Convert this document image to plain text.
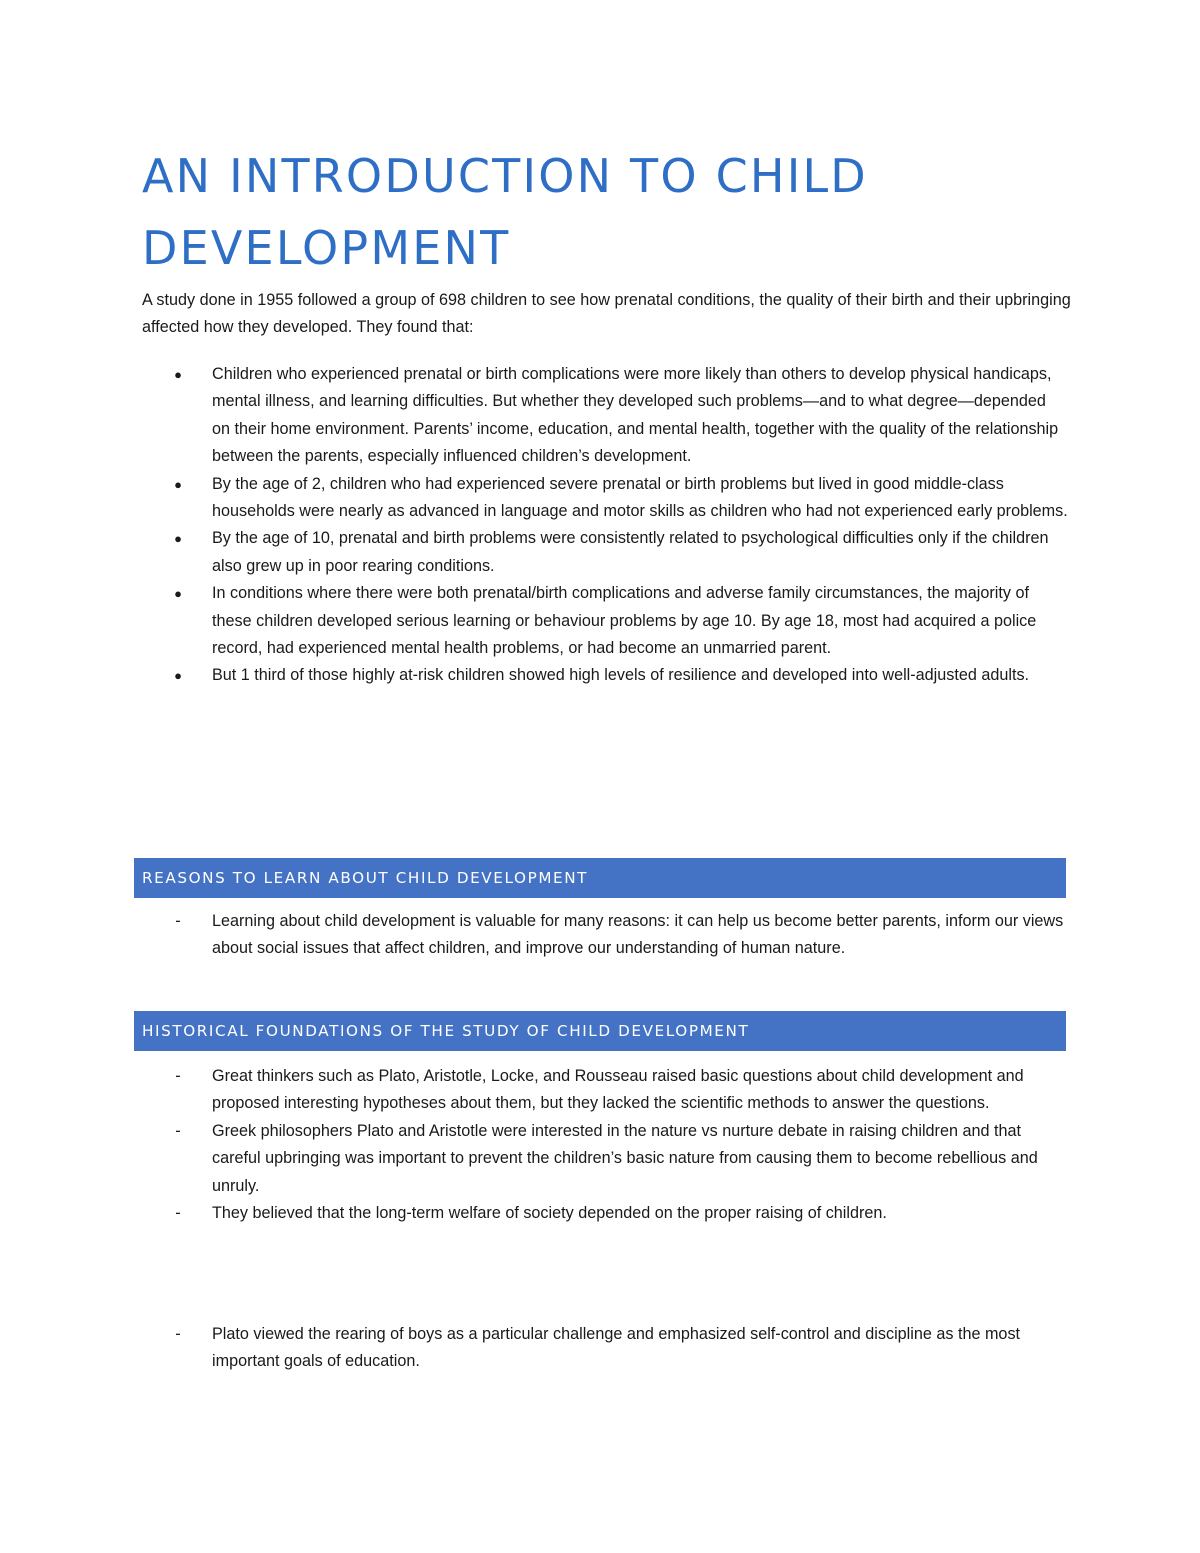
AN INTRODUCTION TO CHILD DEVELOPMENT

A study done in 1955 followed a group of 698 children to see how prenatal conditions, the quality of their birth and their upbringing affected how they developed. They found that:

●	Children who experienced prenatal or birth complications were more likely than others to develop physical handicaps, mental illness, and learning difficulties. But whether they developed such problems—and to what degree—depended on their home environment. Parents’ income, education, and mental health, together with the quality of the relationship between the parents, especially influenced children’s development.
●	By the age of 2, children who had experienced severe prenatal or birth problems but lived in good middle-class households were nearly as advanced in language and motor skills as children who had not experienced early problems.
●	By the age of 10, prenatal and birth problems were consistently related to psychological difficulties only if the children also grew up in poor rearing conditions.
●	In conditions where there were both prenatal/birth complications and adverse family circumstances, the majority of these children developed serious learning or behaviour problems by age 10. By age 18, most had acquired a police record, had experienced mental health problems, or had become an unmarried parent.
●	But 1 third of those highly at-risk children showed high levels of resilience and developed into well-adjusted adults.
REASONS TO LEARN ABOUT CHILD DEVELOPMENT
-	Learning about child development is valuable for many reasons: it can help us become better parents, inform our views about social issues that affect children, and improve our understanding of human nature.
HISTORICAL FOUNDATIONS OF THE STUDY OF CHILD DEVELOPMENT
-	Great thinkers such as Plato, Aristotle, Locke, and Rousseau raised basic questions about child development and proposed interesting hypotheses about them, but they lacked the scientific methods to answer the questions.
-	Greek philosophers Plato and Aristotle were interested in the nature vs nurture debate in raising children and that careful upbringing was important to prevent the children’s basic nature from causing them to become rebellious and unruly.
-	They believed that the long-term welfare of society depended on the proper raising of children.
-	Plato viewed the rearing of boys as a particular challenge and emphasized self-control and discipline as the most important goals of education.
